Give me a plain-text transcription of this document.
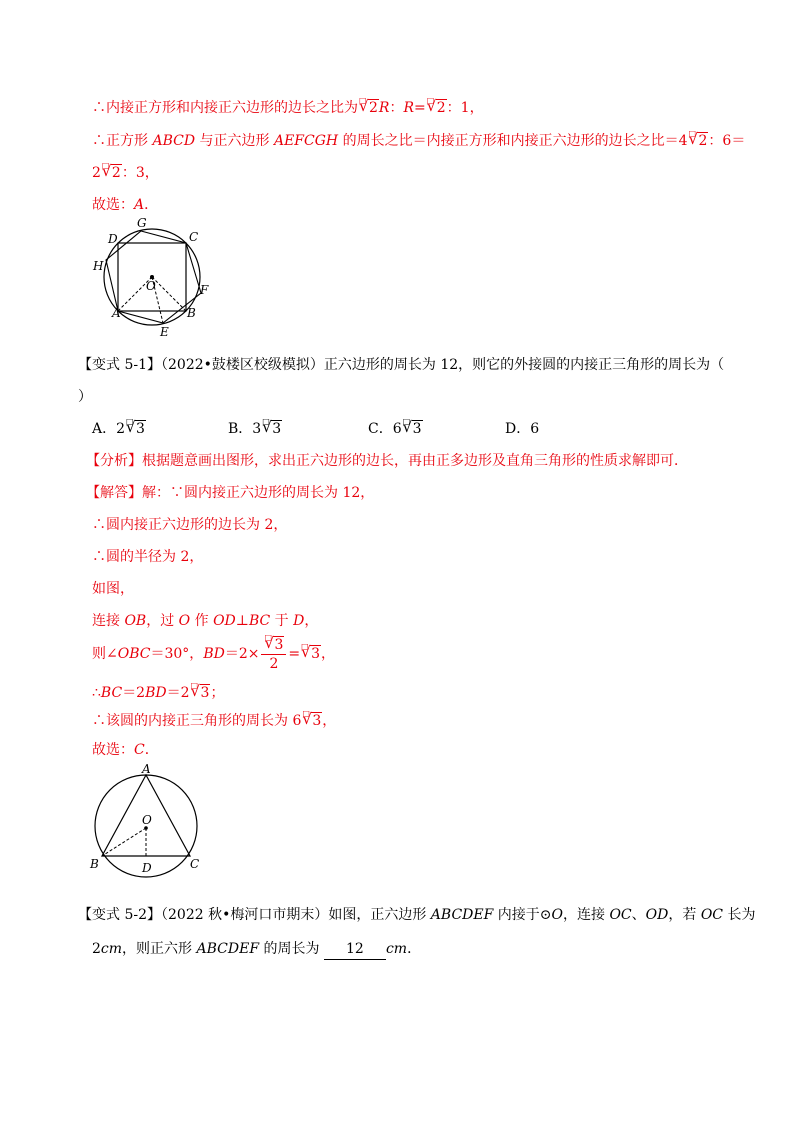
∴内接正方形和内接正六边形的边长之比为 √ □ 2R：R= √ □ 2：1，
∴正方形 ABCD 与正六边形 AEFCGH 的周长之比＝内接正方形和内接正六边形的边长之比＝4 √ □ 2：6＝
2 √ □ 2：3，
故选：A．
G
C
D
H
O	F
A	B
E
【变式 5-1】（2022•鼓楼区校级模拟）正六边形的周长为 12，则它的外接圆的内接正三角形的周长为（
）
A．2 √ □ 3	B．3 √ □ 3	C．6 √ □ 3	D．6
【分析】根据题意画出图形，求出正六边形的边长，再由正多边形及直角三角形的性质求解即可．
【解答】解：∵圆内接正六边形的周长为 12，
∴圆内接正六边形的边长为 2，
∴圆的半径为 2，
如图，
连接 OB，过 O 作 OD⊥BC 于 D，
则∠OBC＝30°，BD＝2× √ $\frac{□ 3}{2}$ = √ □ 3，
∴BC＝2BD＝2 √ □ 3；
∴该圆的内接正三角形的周长为 6 √ □ 3，
故选：C．
A
O
B	D	C
【变式 5-2】（2022 秋•梅河口市期末）如图，正六边形 ABCDEF 内接于⊙O，连接 OC、OD，若 OC 长为
2cm，则正六形 ABCDEF 的周长为 12 cm．
